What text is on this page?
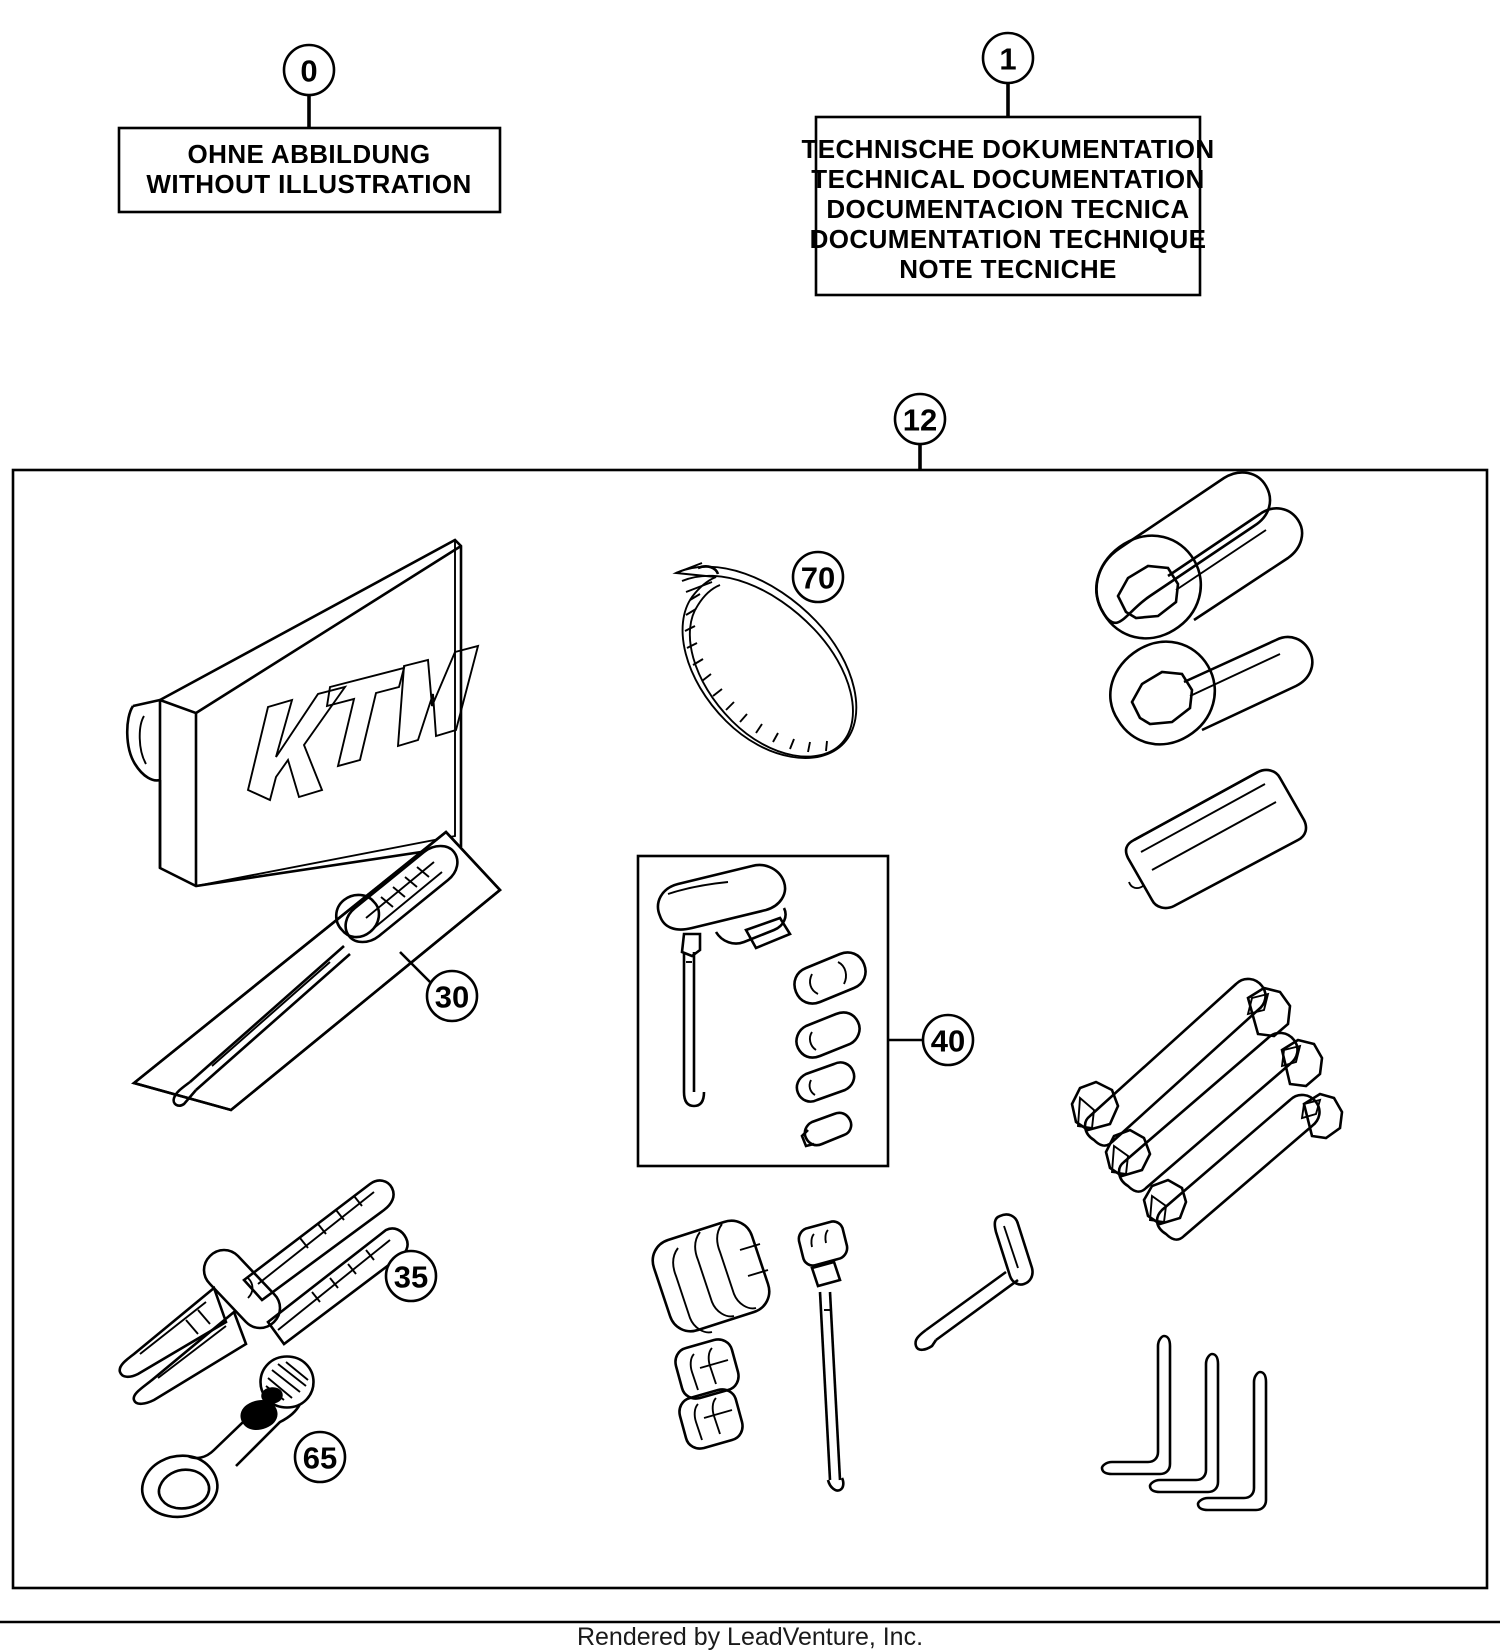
0
OHNE ABBILDUNG
WITHOUT ILLUSTRATION
1
TECHNISCHE DOKUMENTATION
TECHNICAL DOCUMENTATION
DOCUMENTACION TECNICA
DOCUMENTATION TECHNIQUE
NOTE TECNICHE
12
30
40
35
65
70
Rendered by LeadVenture, Inc.
